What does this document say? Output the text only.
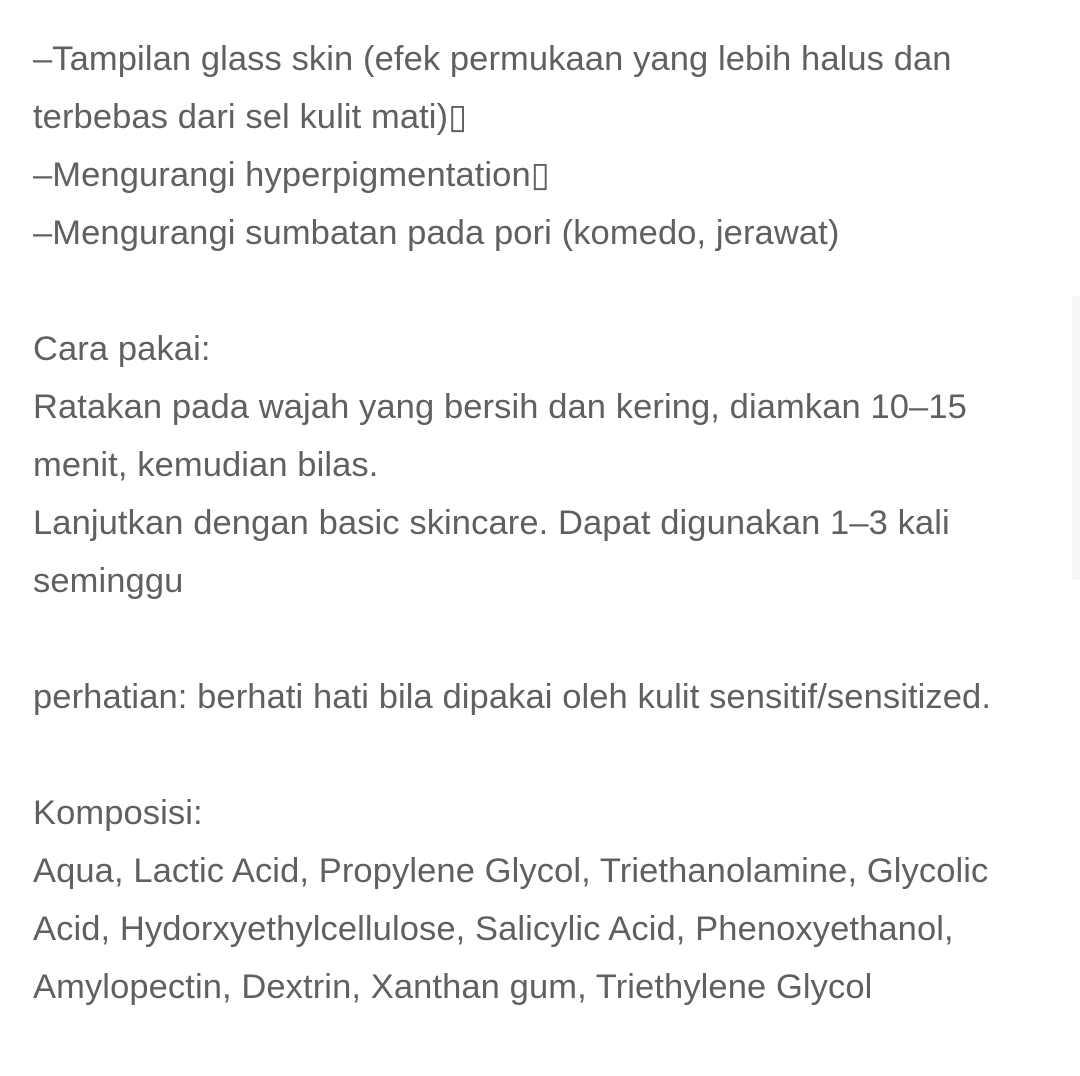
–Tampilan glass skin (efek permukaan yang lebih halus dan
terbebas dari sel kulit mati)▯
–Mengurangi hyperpigmentation▯
–Mengurangi sumbatan pada pori (komedo, jerawat)
Cara pakai:
Ratakan pada wajah yang bersih dan kering, diamkan 10–15
menit, kemudian bilas.
Lanjutkan dengan basic skincare. Dapat digunakan 1–3 kali
seminggu
perhatian: berhati hati bila dipakai oleh kulit sensitif/sensitized.
Komposisi:
Aqua, Lactic Acid, Propylene Glycol, Triethanolamine, Glycolic
Acid, Hydorxyethylcellulose, Salicylic Acid, Phenoxyethanol,
Amylopectin, Dextrin, Xanthan gum, Triethylene Glycol
